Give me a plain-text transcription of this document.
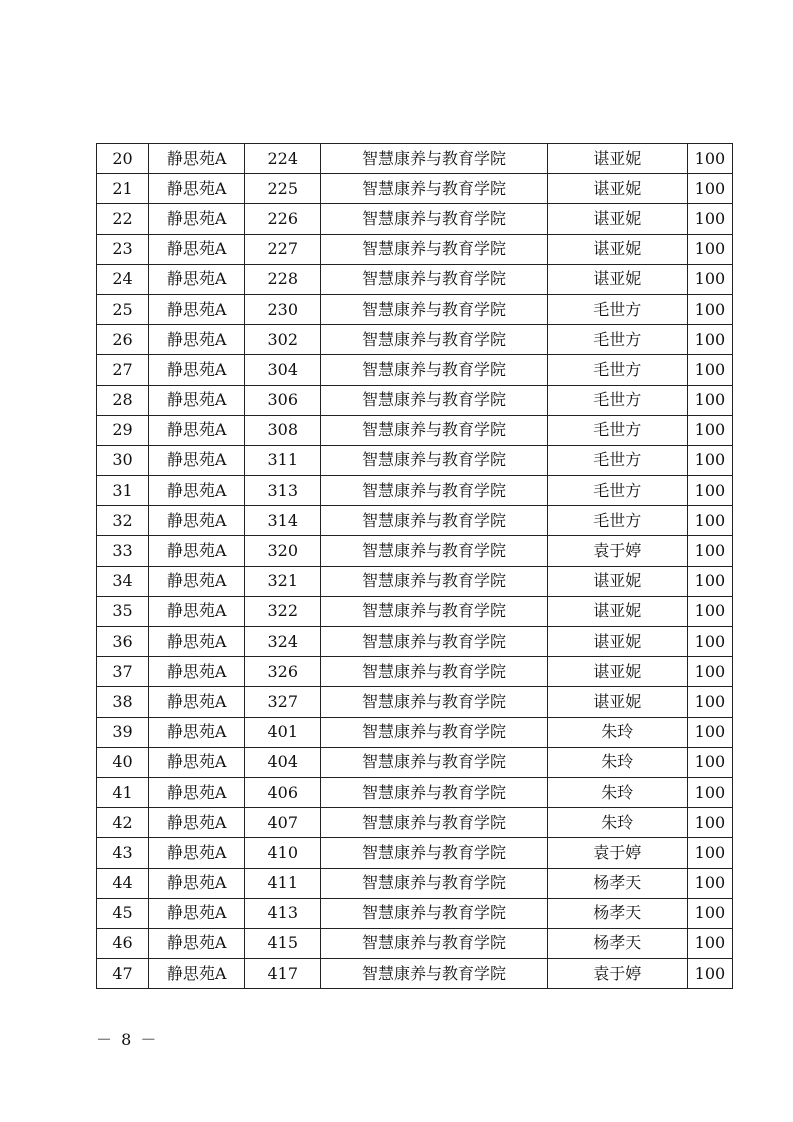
20	静思苑A	224	智慧康养与教育学院	谌亚妮	100
21	静思苑A	225	智慧康养与教育学院	谌亚妮	100
22	静思苑A	226	智慧康养与教育学院	谌亚妮	100
23	静思苑A	227	智慧康养与教育学院	谌亚妮	100
24	静思苑A	228	智慧康养与教育学院	谌亚妮	100
25	静思苑A	230	智慧康养与教育学院	毛世方	100
26	静思苑A	302	智慧康养与教育学院	毛世方	100
27	静思苑A	304	智慧康养与教育学院	毛世方	100
28	静思苑A	306	智慧康养与教育学院	毛世方	100
29	静思苑A	308	智慧康养与教育学院	毛世方	100
30	静思苑A	311	智慧康养与教育学院	毛世方	100
31	静思苑A	313	智慧康养与教育学院	毛世方	100
32	静思苑A	314	智慧康养与教育学院	毛世方	100
33	静思苑A	320	智慧康养与教育学院	袁于婷	100
34	静思苑A	321	智慧康养与教育学院	谌亚妮	100
35	静思苑A	322	智慧康养与教育学院	谌亚妮	100
36	静思苑A	324	智慧康养与教育学院	谌亚妮	100
37	静思苑A	326	智慧康养与教育学院	谌亚妮	100
38	静思苑A	327	智慧康养与教育学院	谌亚妮	100
39	静思苑A	401	智慧康养与教育学院	朱玲	100
40	静思苑A	404	智慧康养与教育学院	朱玲	100
41	静思苑A	406	智慧康养与教育学院	朱玲	100
42	静思苑A	407	智慧康养与教育学院	朱玲	100
43	静思苑A	410	智慧康养与教育学院	袁于婷	100
44	静思苑A	411	智慧康养与教育学院	杨孝天	100
45	静思苑A	413	智慧康养与教育学院	杨孝天	100
46	静思苑A	415	智慧康养与教育学院	杨孝天	100
47	静思苑A	417	智慧康养与教育学院	袁于婷	100
－ 8 －
